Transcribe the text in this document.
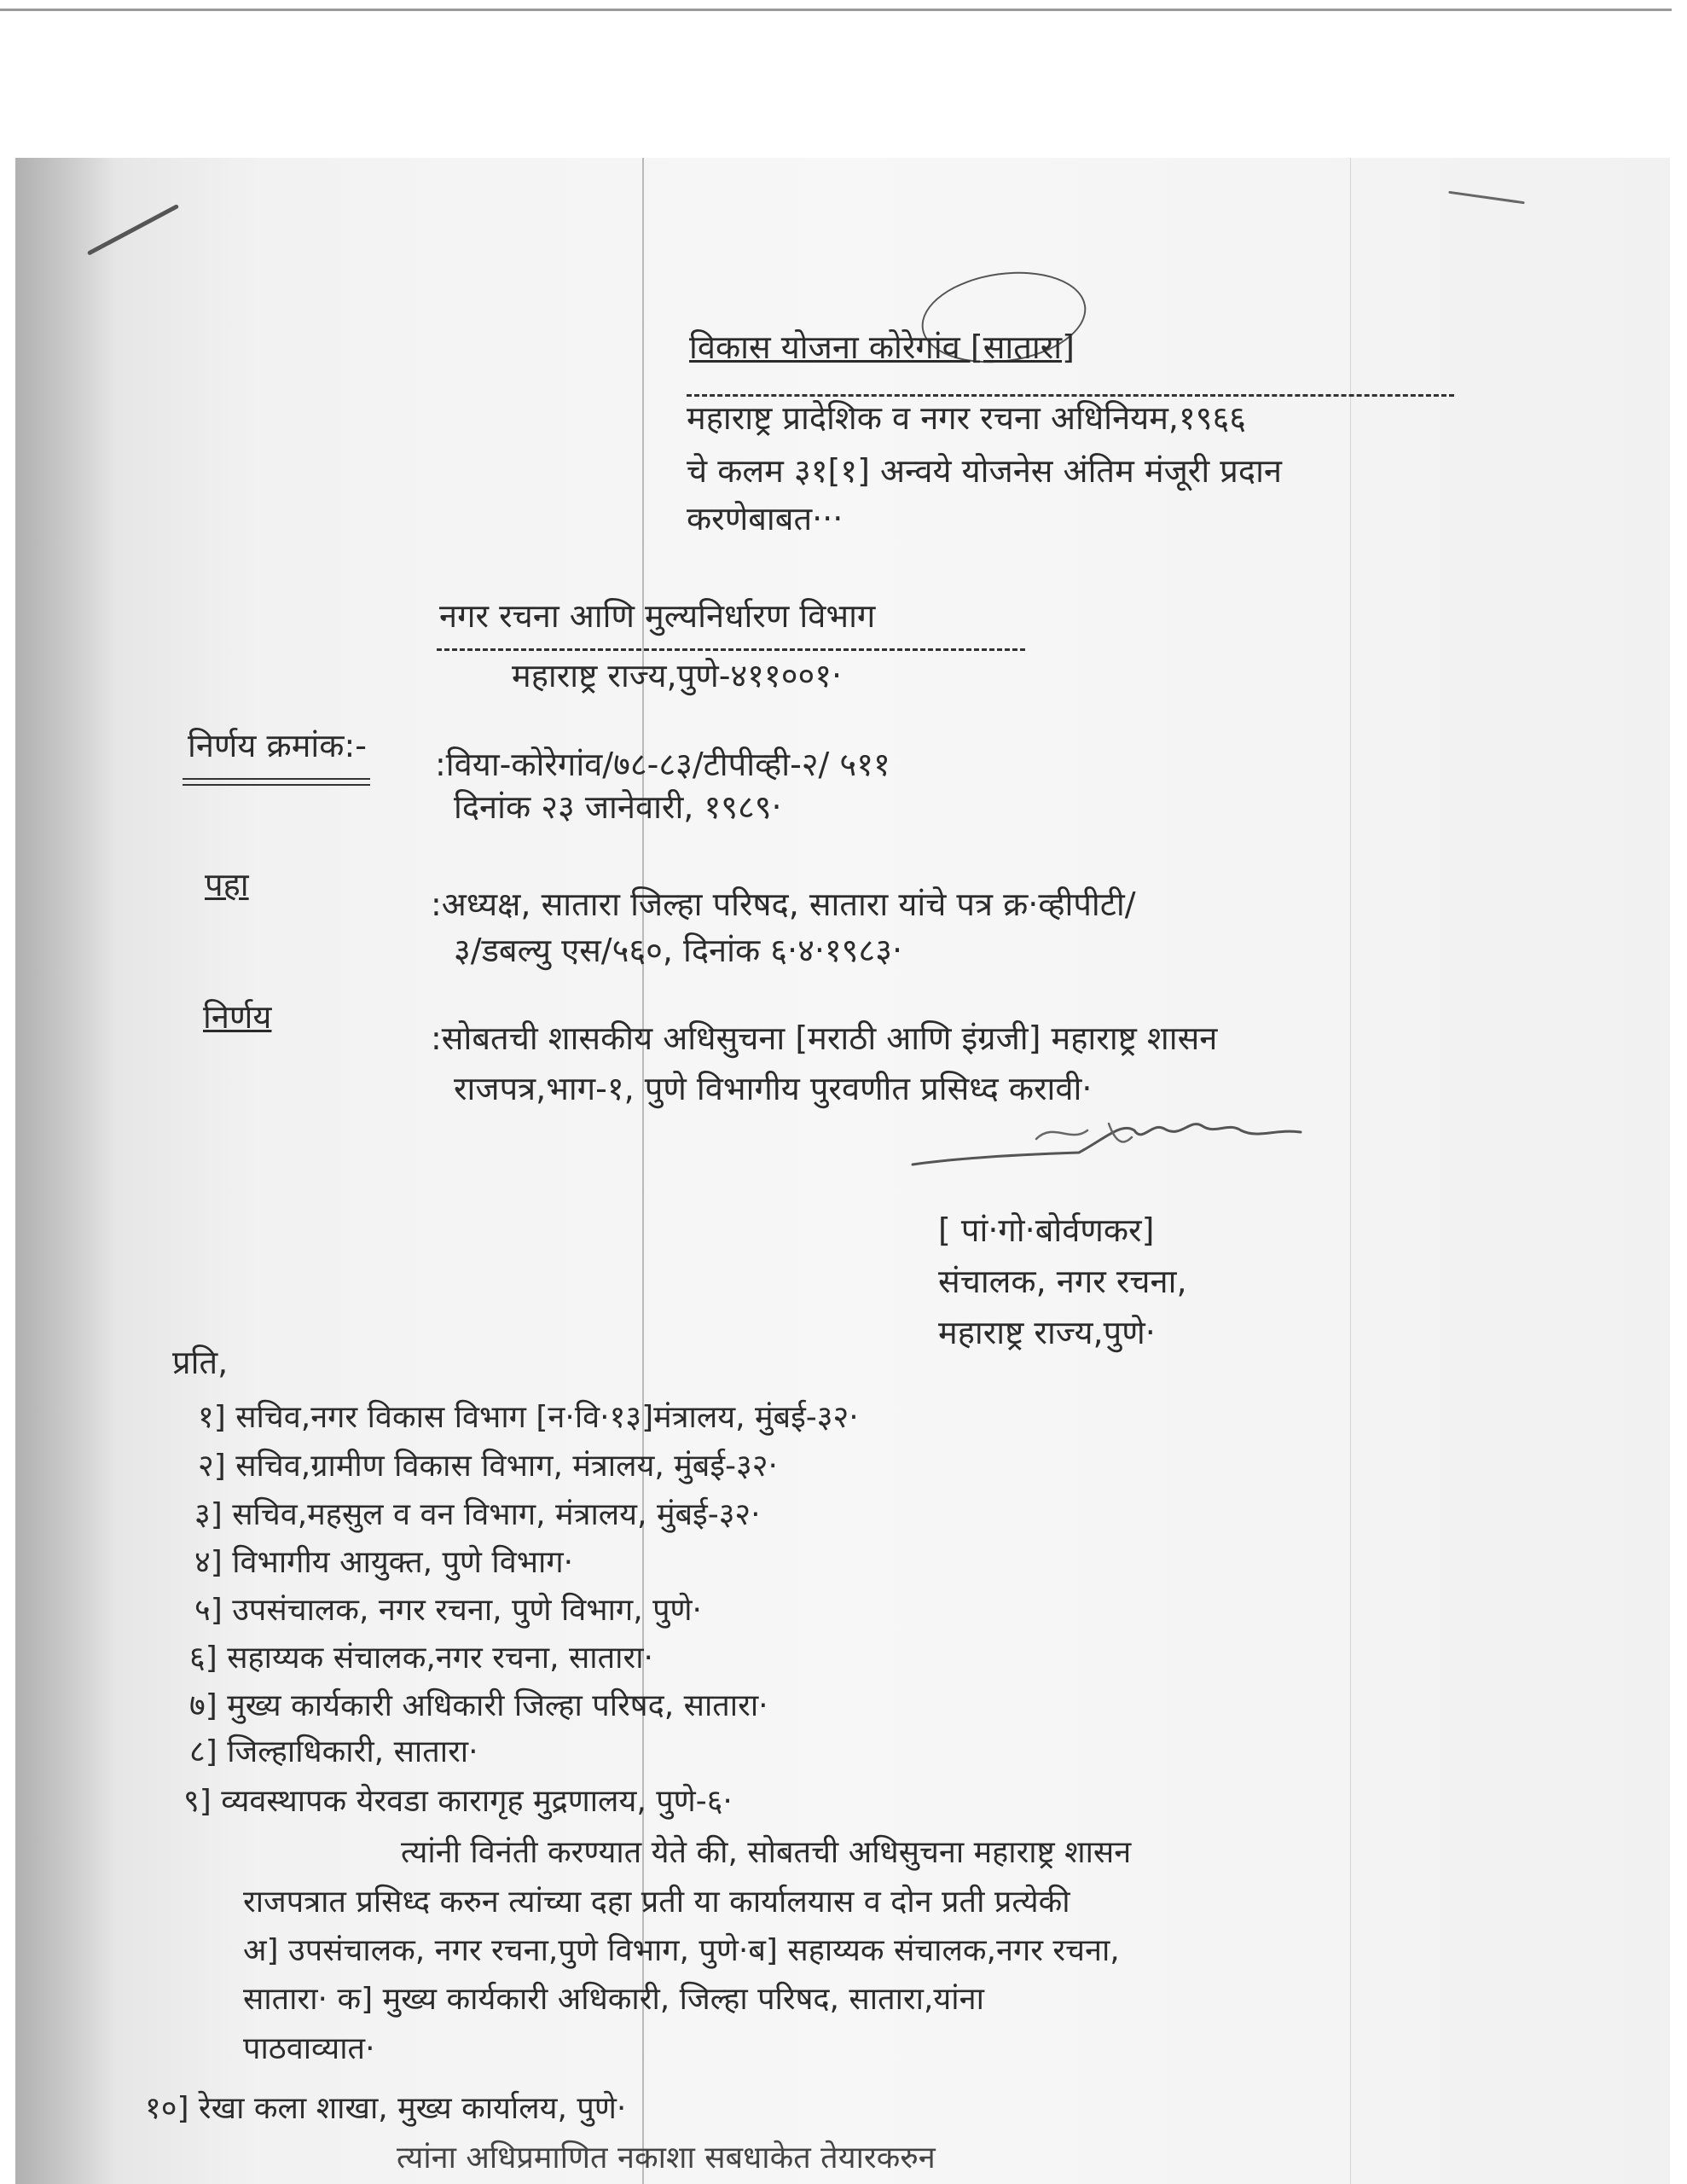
विकास योजना कोरेगांव [सातारा]
महाराष्ट्र प्रादेशिक व नगर रचना अधिनियम,१९६६
चे कलम ३१[१] अन्वये योजनेस अंतिम मंजूरी प्रदान
करणेबाबत···
नगर रचना आणि मुल्यनिर्धारण विभाग
महाराष्ट्र राज्य,पुणे-४११००१·
निर्णय क्रमांक:- :विया-कोरेगांव/७८-८३/टीपीव्ही-२/ ५११
दिनांक २३ जानेवारी, १९८९·
पहा
:अध्यक्ष, सातारा जिल्हा परिषद, सातारा यांचे पत्र क्र·व्हीपीटी/
३/डबल्यु एस/५६०, दिनांक ६·४·१९८३·
निर्णय
:सोबतची शासकीय अधिसुचना [मराठी आणि इंग्रजी] महाराष्ट्र शासन
राजपत्र,भाग-१, पुणे विभागीय पुरवणीत प्रसिध्द करावी·
[ पां·गो·बोर्वणकर]
संचालक, नगर रचना,
महाराष्ट्र राज्य,पुणे·
प्रति,
१] सचिव,नगर विकास विभाग [न·वि·१३]मंत्रालय, मुंबई-३२·
२] सचिव,ग्रामीण विकास विभाग, मंत्रालय, मुंबई-३२·
३] सचिव,महसुल व वन विभाग, मंत्रालय, मुंबई-३२·
४] विभागीय आयुक्त, पुणे विभाग·
५] उपसंचालक, नगर रचना, पुणे विभाग, पुणे·
६] सहाय्यक संचालक,नगर रचना, सातारा·
७] मुख्य कार्यकारी अधिकारी जिल्हा परिषद, सातारा·
८] जिल्हाधिकारी, सातारा·
९] व्यवस्थापक येरवडा कारागृह मुद्रणालय, पुणे-६·
त्यांनी विनंती करण्यात येते की, सोबतची अधिसुचना महाराष्ट्र शासन
राजपत्रात प्रसिध्द करुन त्यांच्या दहा प्रती या कार्यालयास व दोन प्रती प्रत्येकी
अ] उपसंचालक, नगर रचना,पुणे विभाग, पुणे·ब] सहाय्यक संचालक,नगर रचना,
सातारा· क] मुख्य कार्यकारी अधिकारी, जिल्हा परिषद, सातारा,यांना
पाठवाव्यात·
१०] रेखा कला शाखा, मुख्य कार्यालय, पुणे·
त्यांना अधिप्रमाणित नकाशा सबधाकेत तेयारकरुन
